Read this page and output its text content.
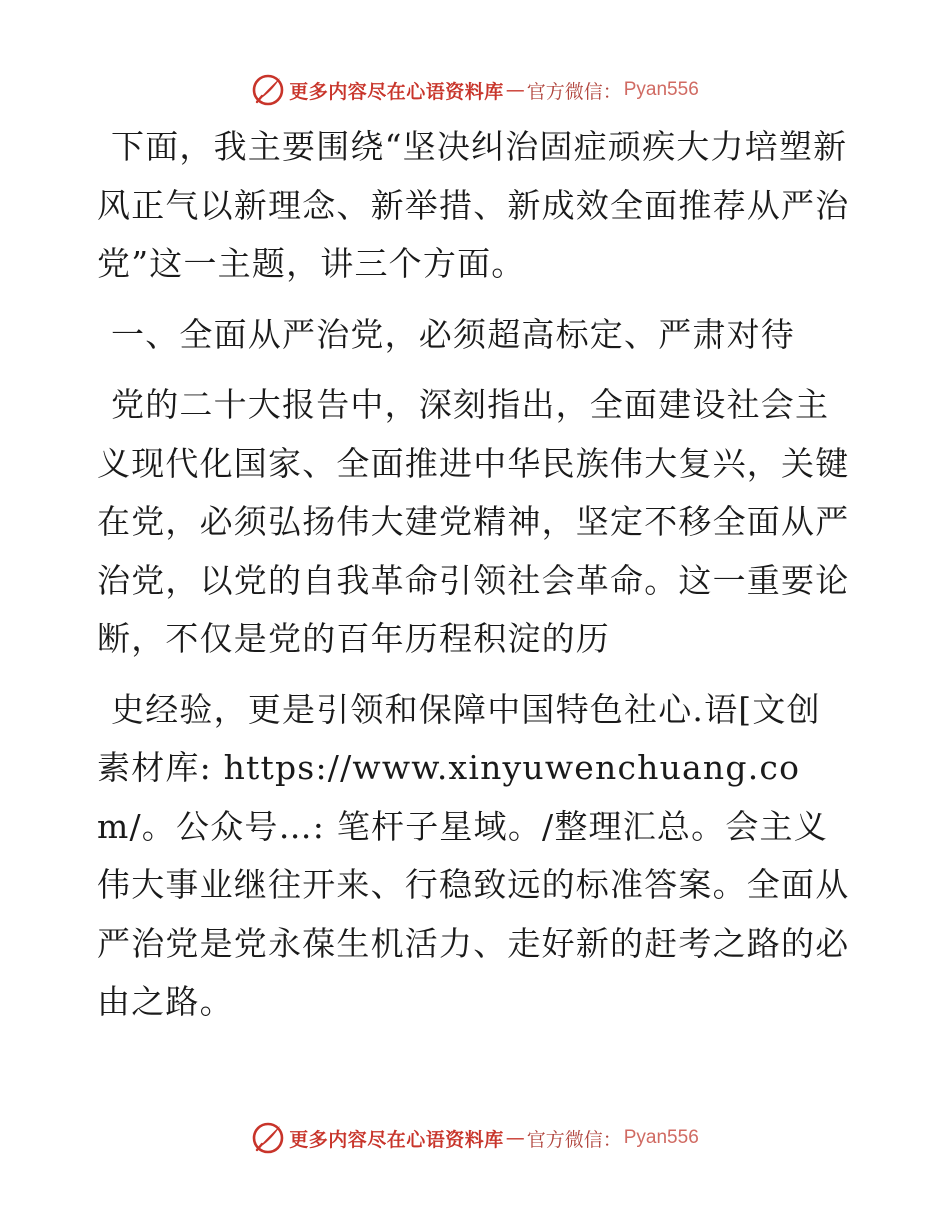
更多内容尽在心语资料库 — 官方微信： Pyan556

下面，我主要围绕“坚决纠治固症顽疾大力培塑新风正气以新理念、新举措、新成效全面推荐从严治党”这一主题，讲三个方面。

一、全面从严治党，必须超高标定、严肃对待

党的二十大报告中，深刻指出，全面建设社会主义现代化国家、全面推进中华民族伟大复兴，关键在党，必须弘扬伟大建党精神，坚定不移全面从严治党，以党的自我革命引领社会革命。这一重要论断，不仅是党的百年历程积淀的历

史经验，更是引领和保障中国特色社心.语[文创素材库: https://www.xinyuwenchuang.com/。公众号…: 笔杆子星域。/整理汇总。会主义伟大事业继往开来、行稳致远的标准答案。全面从严治党是党永葆生机活力、走好新的赶考之路的必由之路。

更多内容尽在心语资料库 — 官方微信： Pyan556
